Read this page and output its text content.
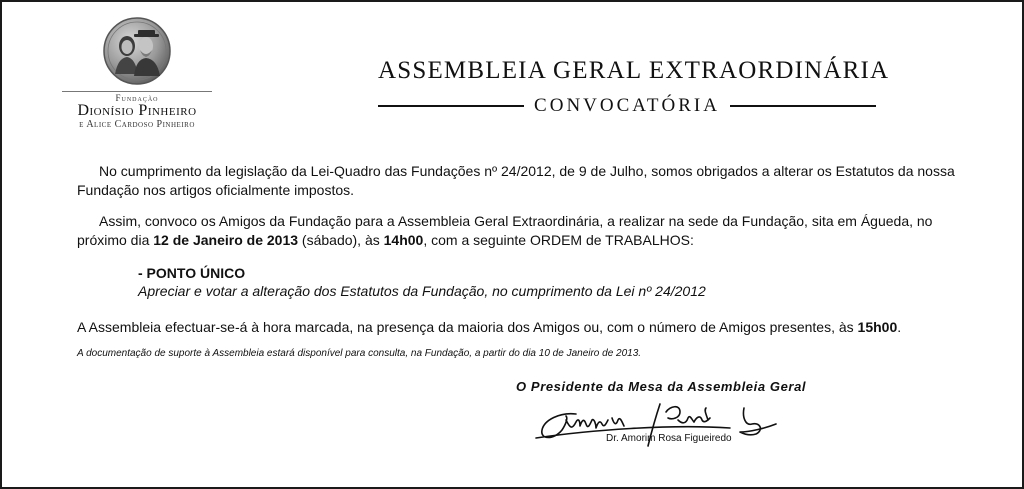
Fundação
Dionísio Pinheiro
e Alice Cardoso Pinheiro
ASSEMBLEIA GERAL EXTRAORDINÁRIA
CONVOCATÓRIA
No cumprimento da legislação da Lei-Quadro das Fundações nº 24/2012, de 9 de Julho, somos obrigados a alterar os Estatutos da nossa Fundação nos artigos oficialmente impostos.
Assim, convoco os Amigos da Fundação para a Assembleia Geral Extraordinária, a realizar na sede da Fundação, sita em Águeda, no próximo dia 12 de Janeiro de 2013 (sábado), às 14h00, com a seguinte ORDEM de TRABALHOS:
- PONTO ÚNICO
Apreciar e votar a alteração dos Estatutos da Fundação, no cumprimento da Lei nº 24/2012
A Assembleia efectuar-se-á à hora marcada, na presença da maioria dos Amigos ou, com o número de Amigos presentes, às 15h00.
A documentação de suporte à Assembleia estará disponível para consulta, na Fundação, a partir do dia 10 de Janeiro de 2013.
O Presidente da Mesa da Assembleia Geral
Dr. Amorim Rosa Figueiredo
